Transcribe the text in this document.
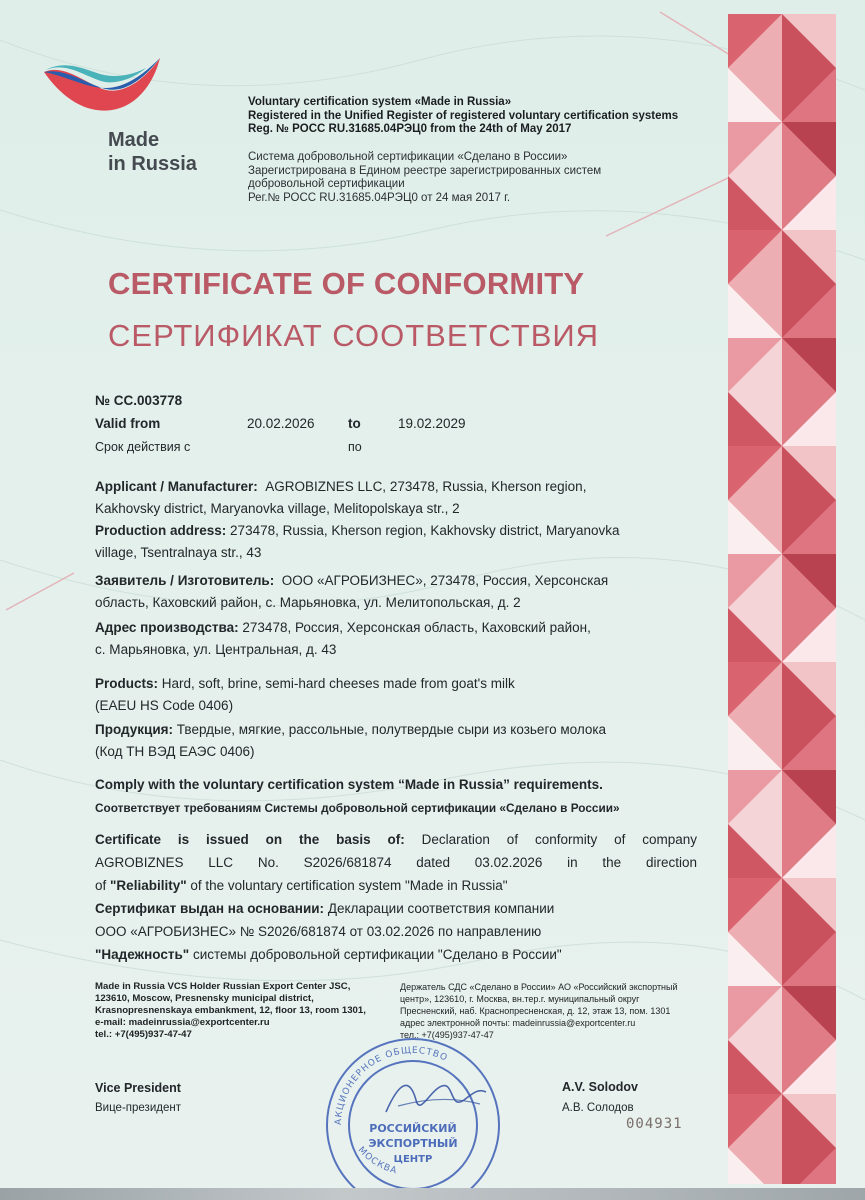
Made
in Russia
Voluntary certification system «Made in Russia»
Registered in the Unified Register of registered voluntary certification systems
Reg. № POCC RU.31685.04РЭЦ0 from the 24th of May 2017
Система добровольной сертификации «Сделано в России»
Зарегистрирована в Едином реестре зарегистрированных систем
добровольной сертификации
Рег.№ РОСС RU.31685.04РЭЦ0 от 24 мая 2017 г.
CERTIFICATE OF CONFORMITY
СЕРТИФИКАТ СООТВЕТСТВИЯ
№ СС.003778
Valid from	20.02.2026 to	19.02.2029
Срок действия с	по
Applicant / Manufacturer: AGROBIZNES LLC, 273478, Russia, Kherson region,
Kakhovsky district, Maryanovka village, Melitopolskaya str., 2
Production address: 273478, Russia, Kherson region, Kakhovsky district, Maryanovka
village, Tsentralnaya str., 43
Заявитель / Изготовитель: ООО «АГРОБИЗНЕС», 273478, Россия, Херсонская
область, Каховский район, с. Марьяновка, ул. Мелитопольская, д. 2
Адрес производства: 273478, Россия, Херсонская область, Каховский район,
с. Марьяновка, ул. Центральная, д. 43
Products: Hard, soft, brine, semi-hard cheeses made from goat's milk
(EAEU HS Code 0406)
Продукция: Твердые, мягкие, рассольные, полутвердые сыри из козьего молока
(Код ТН ВЭД ЕАЭС 0406)
Comply with the voluntary certification system “Made in Russia” requirements.
Соответствует требованиям Системы добровольной сертификации «Сделано в России»
Certificate is issued on the basis of: Declaration of conformity of company
AGROBIZNES LLC No. S2026/681874 dated 03.02.2026 in the direction
of "Reliability" of the voluntary certification system "Made in Russia"
Сертификат выдан на основании: Декларации соответствия компании
ООО «АГРОБИЗНЕС» № S2026/681874 от 03.02.2026 по направлению
"Надежность" системы добровольной сертификации "Сделано в России"
Made in Russia VCS Holder Russian Export Center JSC,
123610, Moscow, Presnensky municipal district,
Krasnopresnenskaya embankment, 12, floor 13, room 1301,
e-mail: madeinrussia@exportcenter.ru
tel.: +7(495)937-47-47
Держатель СДС «Сделано в России» АО «Российский экспортный
центр», 123610, г. Москва, вн.тер.г. муниципальный округ
Пресненский, наб. Краснопресненская, д. 12, этаж 13, пом. 1301
адрес электронной почты: madeinrussia@exportcenter.ru
тел.: +7(495)937-47-47
Vice President
Вице-президент
A.V. Solodov
А.В. Солодов
АКЦИОНЕРНОЕ ОБЩЕСТВО
МОСКВА
РОССИЙСКИЙ
ЭКСПОРТНЫЙ
ЦЕНТР
004931
